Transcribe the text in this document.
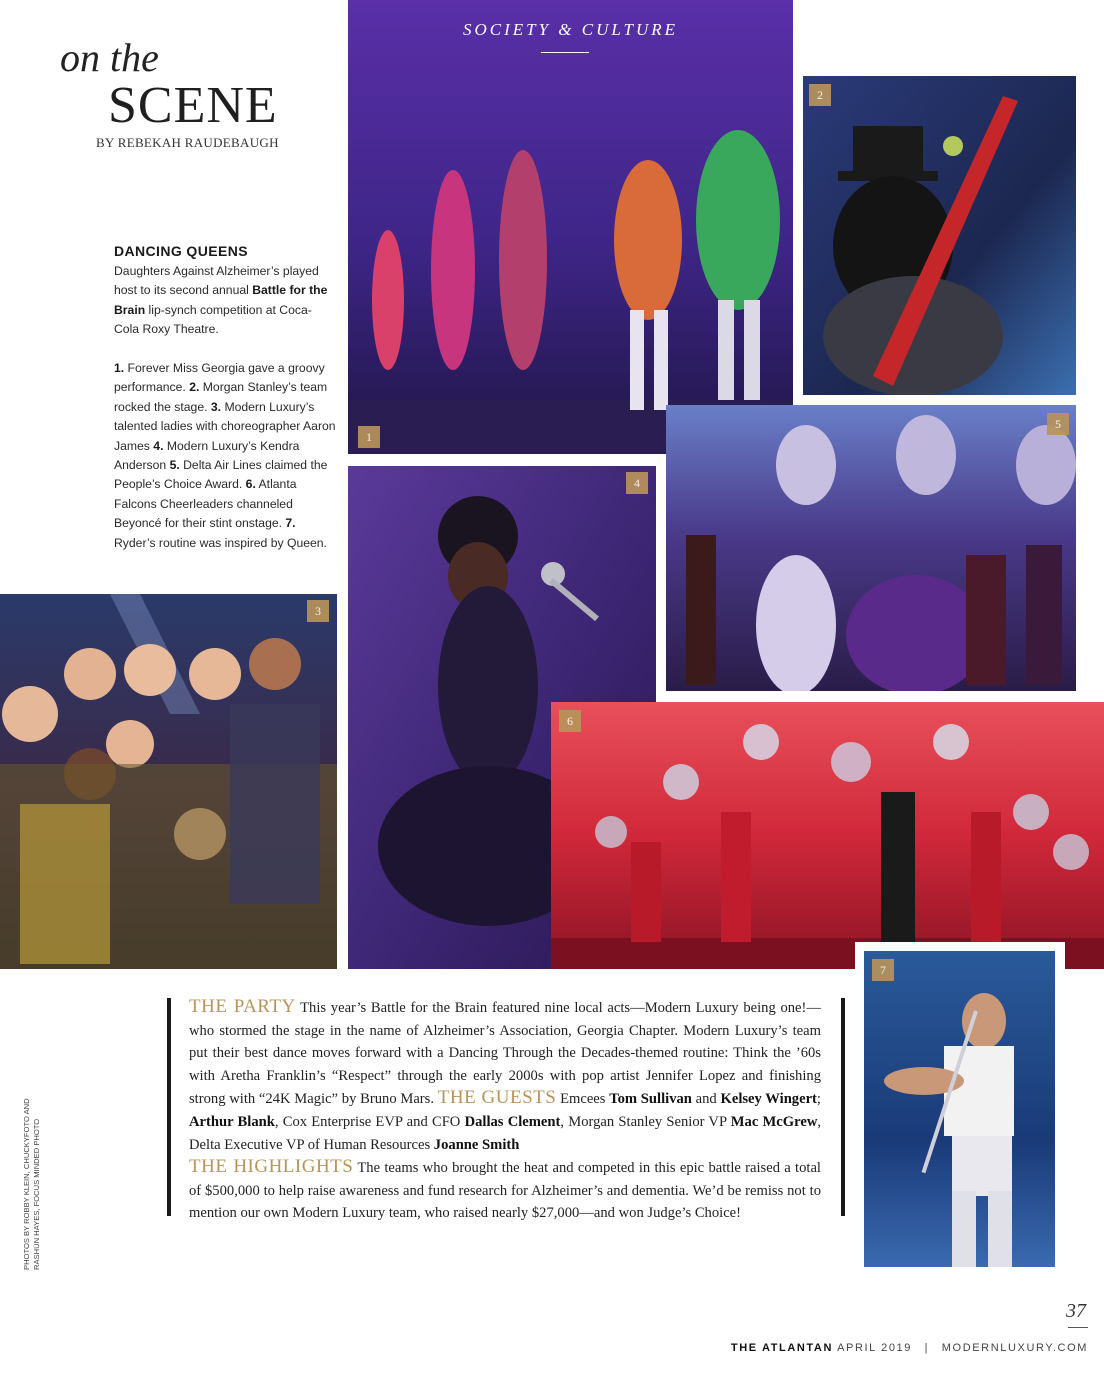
on the
SCENE
BY REBEKAH RAUDEBAUGH
SOCIETY & CULTURE
1
2
5
DANCING QUEENS
Daughters Against Alzheimer’s played host to its second annual Battle for the Brain lip-synch competition at Coca-Cola Roxy Theatre.
1. Forever Miss Georgia gave a groovy performance. 2. Morgan Stanley’s team rocked the stage. 3. Modern Luxury’s talented ladies with choreographer Aaron James 4. Modern Luxury’s Kendra Anderson 5. Delta Air Lines claimed the People’s Choice Award. 6. Atlanta Falcons Cheerleaders channeled Beyoncé for their stint onstage. 7. Ryder’s routine was inspired by Queen.
3
4
6
7
THE PARTY This year’s Battle for the Brain featured nine local acts—Modern Luxury being one!—who stormed the stage in the name of Alzheimer’s Association, Georgia Chapter. Modern Luxury’s team put their best dance moves forward with a Dancing Through the Decades-themed routine: Think the ’60s with Aretha Franklin’s “Respect” through the early 2000s with pop artist Jennifer Lopez and finishing strong with “24K Magic” by Bruno Mars. THE GUESTS Emcees Tom Sullivan and Kelsey Wingert; Arthur Blank, Cox Enterprise EVP and CFO Dallas Clement, Morgan Stanley Senior VP Mac McGrew, Delta Executive VP of Human Resources Joanne Smith
THE HIGHLIGHTS The teams who brought the heat and competed in this epic battle raised a total of $500,000 to help raise awareness and fund research for Alzheimer’s and dementia. We’d be remiss not to mention our own Modern Luxury team, who raised nearly $27,000—and won Judge’s Choice!
PHOTOS BY ROBBY KLEIN, CHUCKYFOTO AND RASHUN HAYES, FOCUS MINDED PHOTO
37
THE ATLANTAN APRIL 2019 | MODERNLUXURY.COM
